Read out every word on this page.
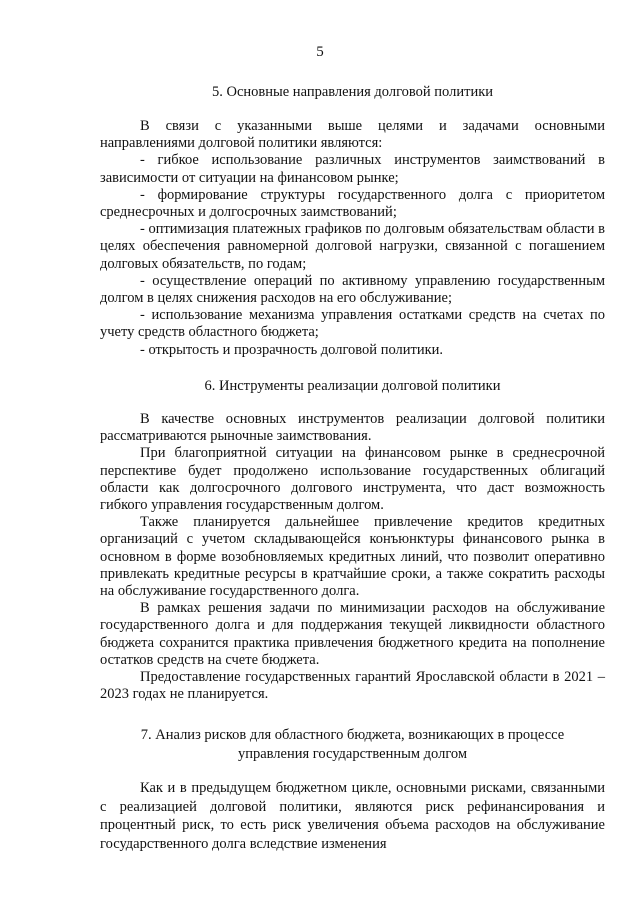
5
5. Основные направления долговой политики

В связи с указанными выше целями и задачами основными направлениями долговой политики являются:

- гибкое использование различных инструментов заимствований в зависимости от ситуации на финансовом рынке;

- формирование структуры государственного долга с приоритетом среднесрочных и долгосрочных заимствований;

- оптимизация платежных графиков по долговым обязательствам области в целях обеспечения равномерной долговой нагрузки, связанной с погашением долговых обязательств, по годам;

- осуществление операций по активному управлению государственным долгом в целях снижения расходов на его обслуживание;

- использование механизма управления остатками средств на счетах по учету средств областного бюджета;

- открытость и прозрачность долговой политики.

6. Инструменты реализации долговой политики

В качестве основных инструментов реализации долговой политики рассматриваются рыночные заимствования.

При благоприятной ситуации на финансовом рынке в среднесрочной перспективе будет продолжено использование государственных облигаций области как долгосрочного долгового инструмента, что даст возможность гибкого управления государственным долгом.

Также планируется дальнейшее привлечение кредитов кредитных организаций с учетом складывающейся конъюнктуры финансового рынка в основном в форме возобновляемых кредитных линий, что позволит оперативно привлекать кредитные ресурсы в кратчайшие сроки, а также сократить расходы на обслуживание государственного долга.

В рамках решения задачи по минимизации расходов на обслуживание государственного долга и для поддержания текущей ликвидности областного бюджета сохранится практика привлечения бюджетного кредита на пополнение остатков средств на счете бюджета.

Предоставление государственных гарантий Ярославской области в 2021 – 2023 годах не планируется.

7. Анализ рисков для областного бюджета, возникающих в процессе
управления государственным долгом

Как и в предыдущем бюджетном цикле, основными рисками, связанными с реализацией долговой политики, являются риск рефинансирования и процентный риск, то есть риск увеличения объема расходов на обслуживание государственного долга вследствие изменения
